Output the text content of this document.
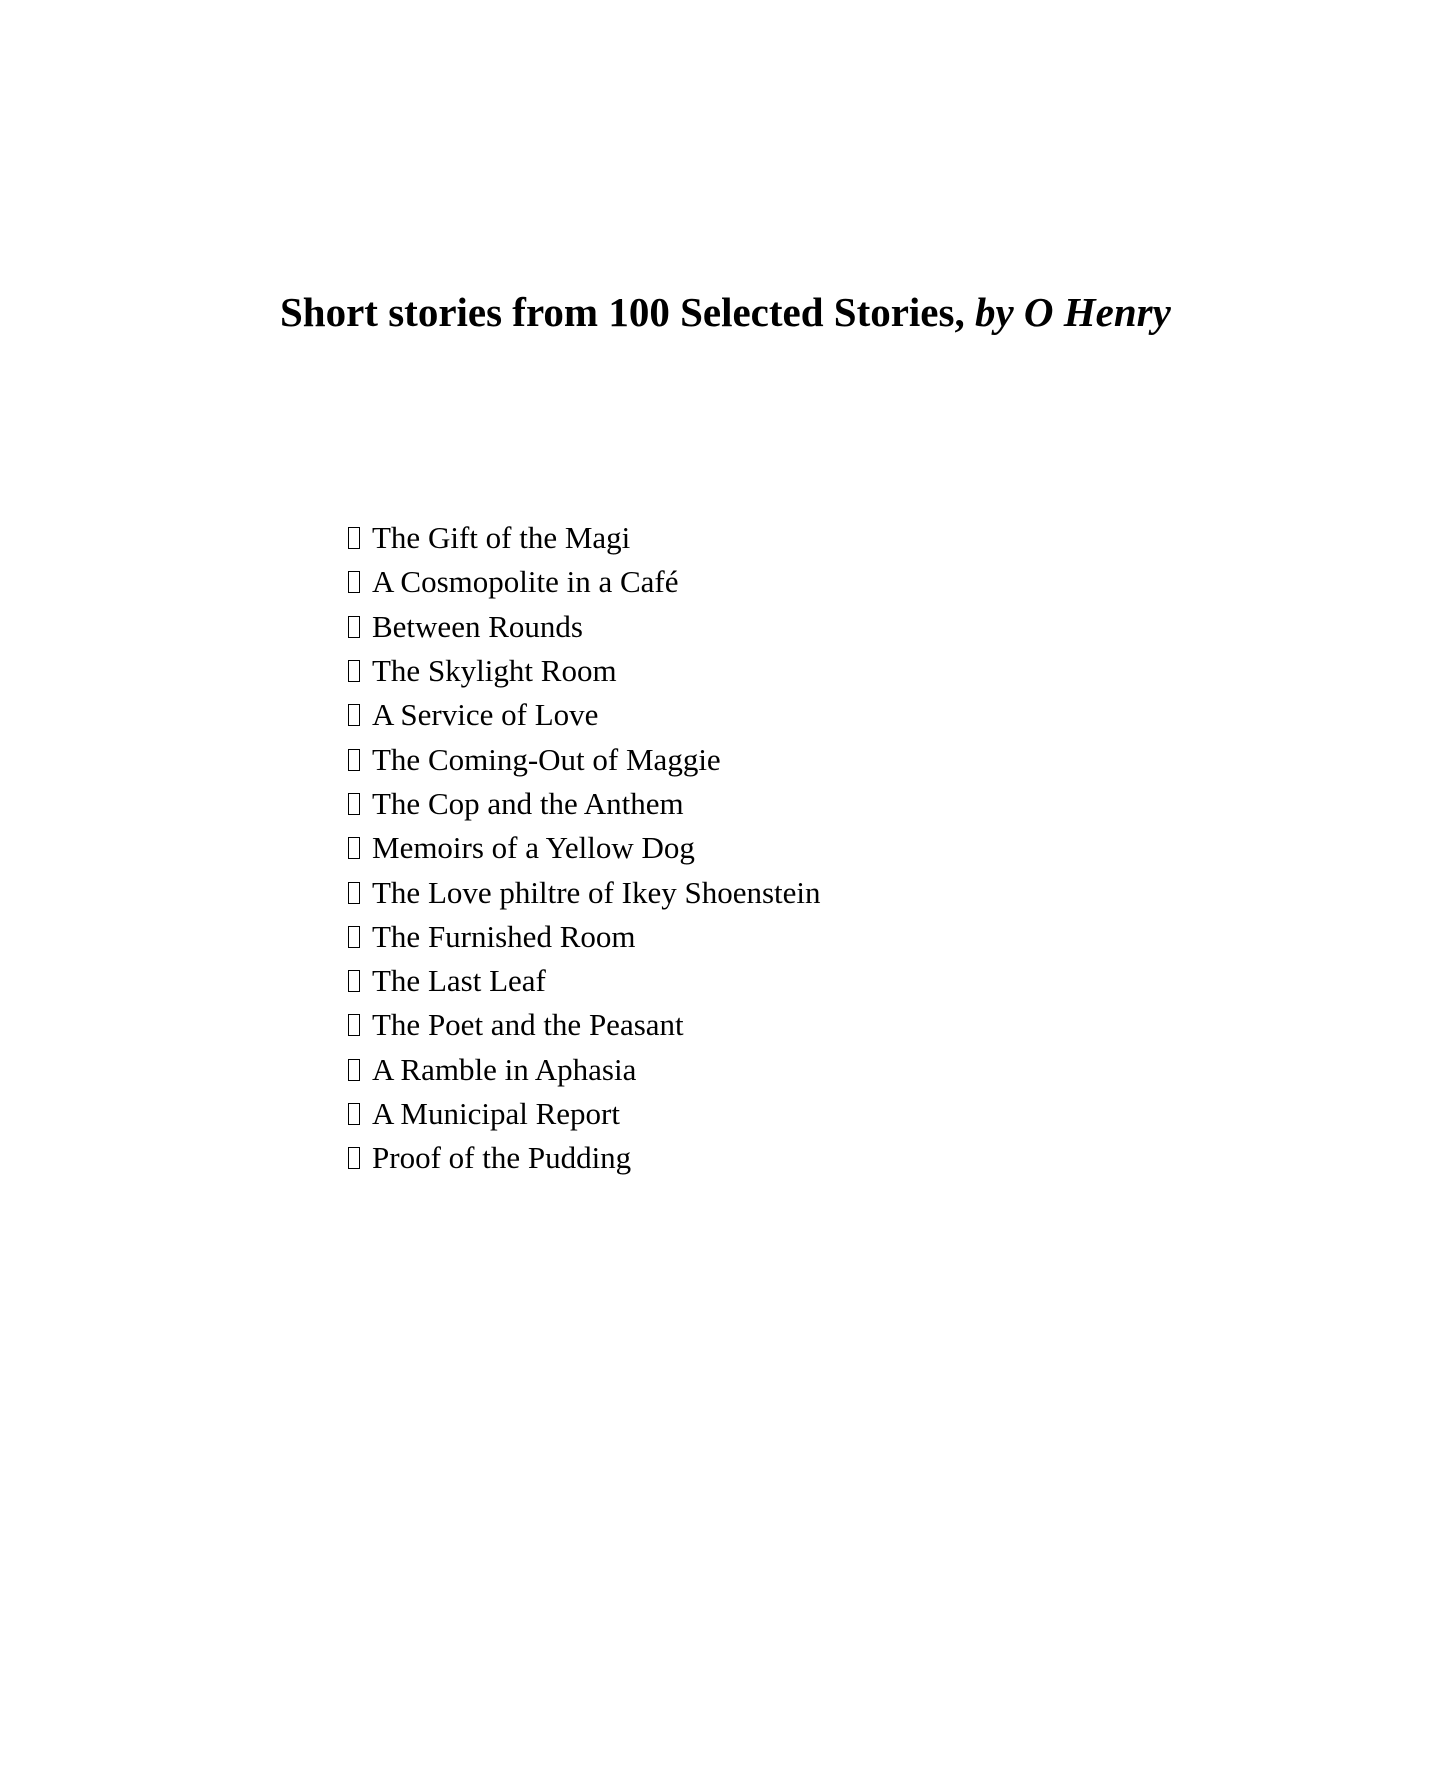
Short stories from 100 Selected Stories, by O Henry
The Gift of the Magi
A Cosmopolite in a Café
Between Rounds
The Skylight Room
A Service of Love
The Coming-Out of Maggie
The Cop and the Anthem
Memoirs of a Yellow Dog
The Love philtre of Ikey Shoenstein
The Furnished Room
The Last Leaf
The Poet and the Peasant
A Ramble in Aphasia
A Municipal Report
Proof of the Pudding
